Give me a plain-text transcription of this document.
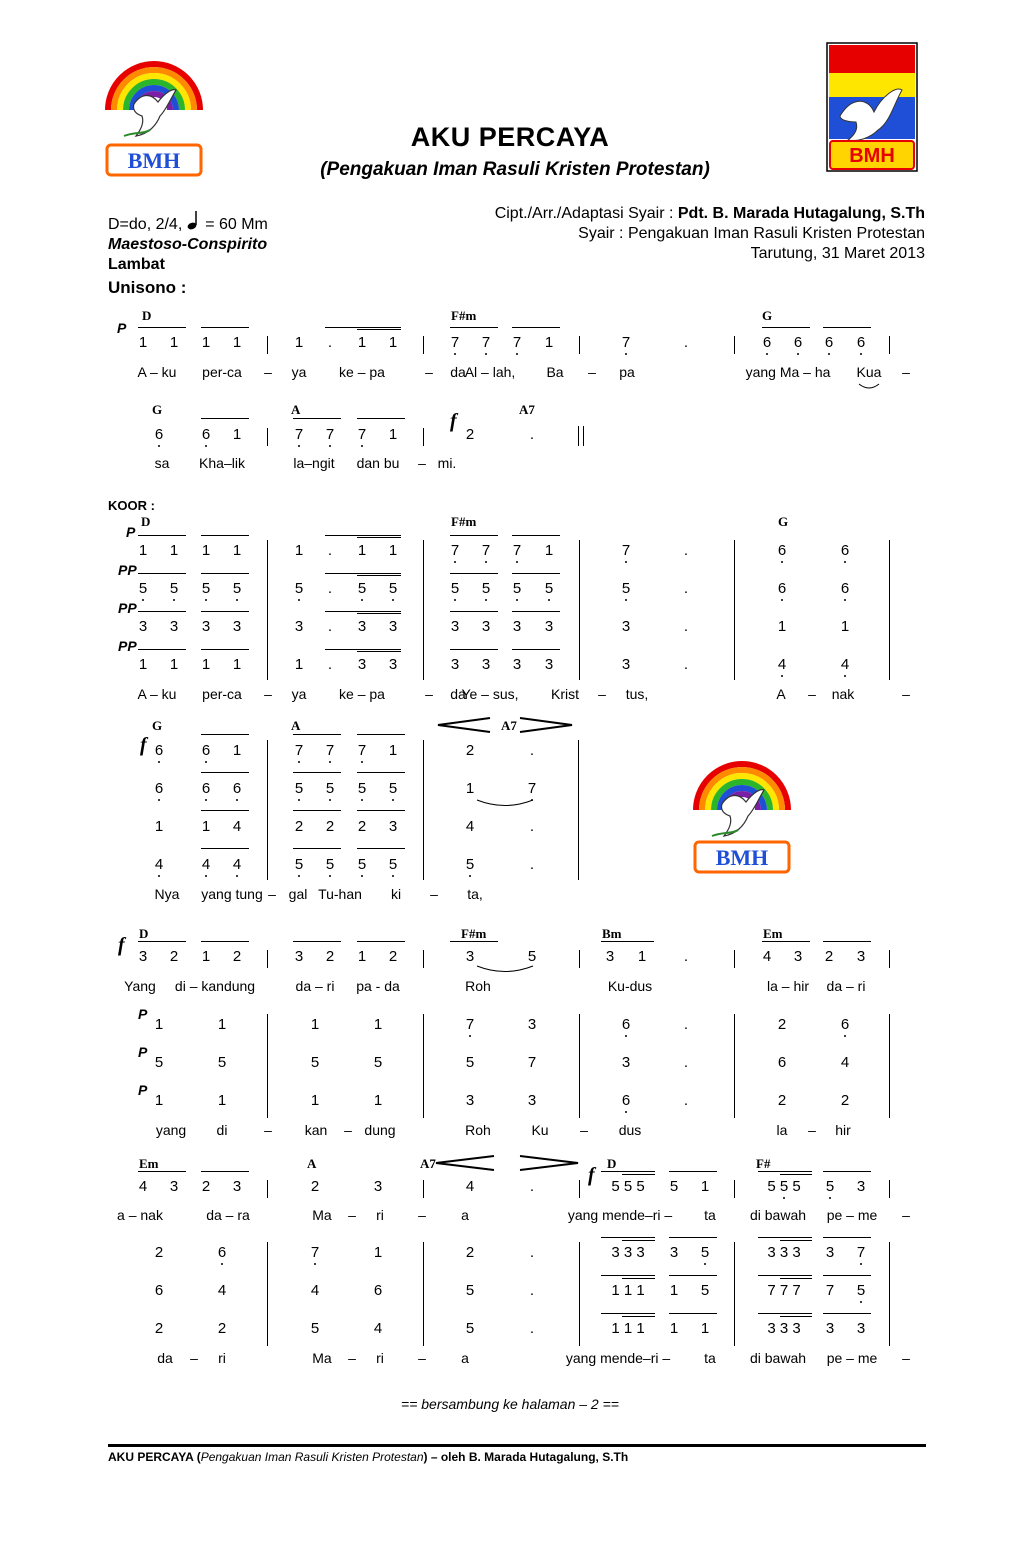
BMH	BMH
BMH
AKU PERCAYA
(Pengakuan Iman Rasuli Kristen Protestan)
D=do, 2/4, = 60 Mm
Maestoso-Conspirito
Lambat
Cipt./Arr./Adaptasi Syair : Pdt. B. Marada Hutagalung, S.Th
Syair : Pengakuan Iman Rasuli Kristen Protestan
Tarutung, 31 Maret 2013
Unisono :
KOOR :
D	F#m	G
P
1 1 1 1	1 . 1 1	7 7 7 1	7	.	6 6 6 6
A – ku per-ca – ya ke – pa	– da
Al – lah, Ba – pa	yang Ma – ha Kua –
G	A	A7
f
6	6 1	7 7 7 1	2	.
sa Kha–lik	la–ngit dan bu – mi.
D	F#m	G
P
1 1 1 1	1 . 1 1	7 7 7 1	7	.	6	6
PP
5 5 5 5	5 . 5 5	5 5 5 5	5	.	6	6
PP
3 3 3 3	3 . 3 3	3 3 3 3	3	.	1	1
PP
1 1 1 1	1 . 3 3	3 3 3 3	3	.	4	4
A – ku per-ca – ya ke – pa	– da
Ye – sus, Krist – tus,	A – nak	–
G	A	A7
f 6	6 1	7 7 7 1	2	.
6	6 6	5 5 5 5	1	7
1	1 4	2 2 2 3	4	.
4	4 4	5 5 5 5	5	.
Nya yang tung – gal Tu-han ki – ta,
D	F#m	Bm	Em
f
3 2 1 2	3 2 1 2	3	5	3 1	.	4 3 2 3
Yang di – kandung	da – ri pa - da	Roh	Ku-dus	la – hir da – ri
P
1	1	1	1	7	3	6	.	2	6
P
5	5	5	5	5	7	3	.	6	4
P
1	1	1	1	3	3	6	.	2	2
yang di	– kan – dung	Roh	Ku – dus	la – hir
Em	A	A7	D	F#
f
4 3 2 3	2	3	4	.	5 5 5 5 1	5 5 5 5 3
a – nak	da – ra	Ma – ri –	a	yang mende–ri – ta di bawah pe – me –
2	6	7	1	2	.	3 3 3 3 5	3 3 3 3 7
6	4	4	6	5	.	1 1 1 1 5	7 7 7 7 5
2	2	5	4	5	.	1 1 1 1 1	3 3 3 3 3
da – ri	Ma – ri –	a	yang mende–ri – ta di bawah pe – me –
== bersambung ke halaman – 2 ==
AKU PERCAYA (Pengakuan Iman Rasuli Kristen Protestan) – oleh B. Marada Hutagalung, S.Th
